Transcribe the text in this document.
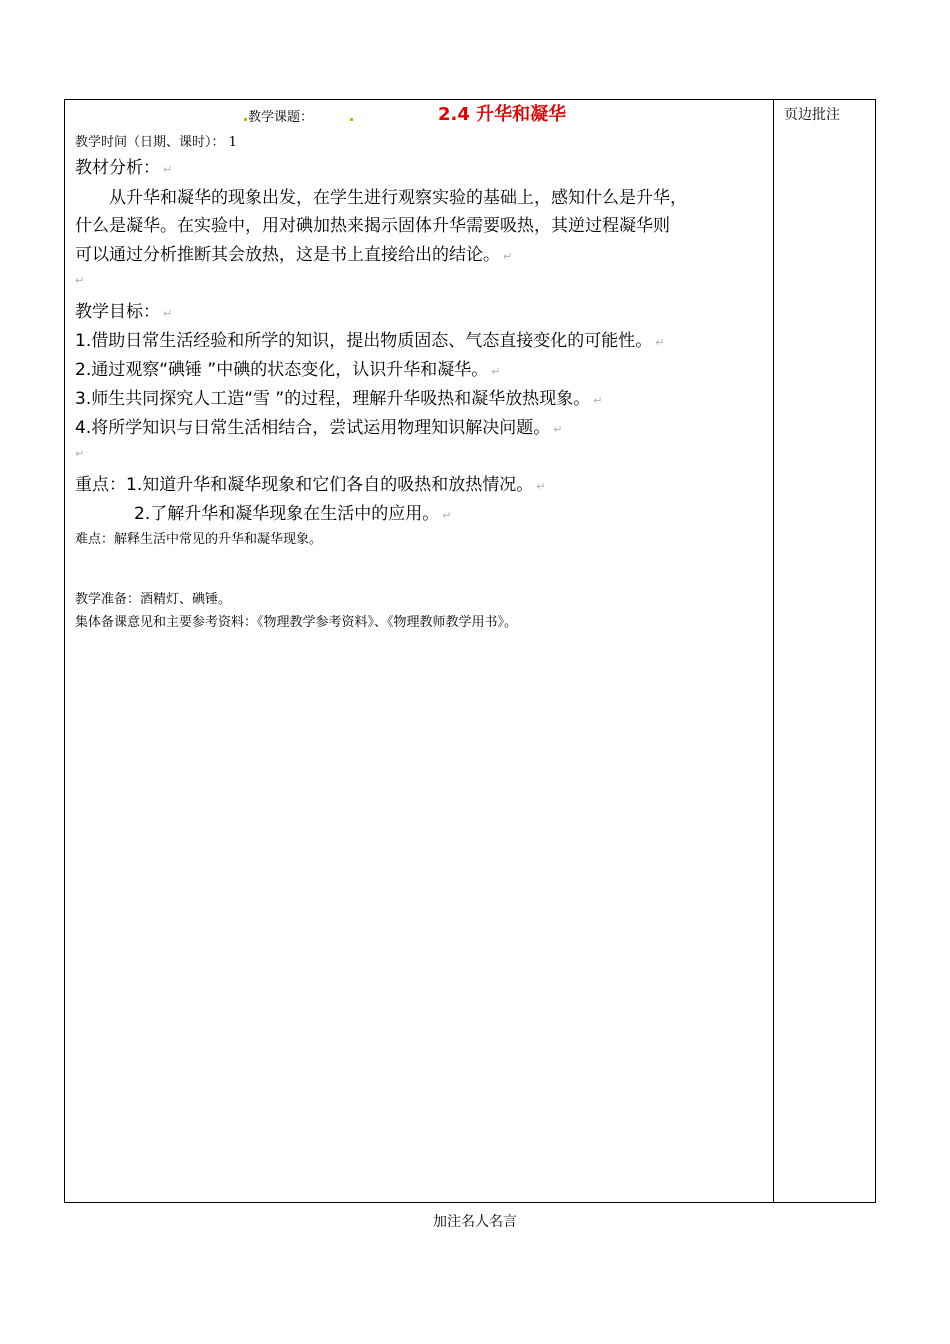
教学课题：	2.4 升华和凝华
教学时间（日期、课时）： 1
教材分析： ↵
从升华和凝华的现象出发，在学生进行观察实验的基础上，感知什么是升华，
什么是凝华。在实验中，用对碘加热来揭示固体升华需要吸热，其逆过程凝华则
可以通过分析推断其会放热，这是书上直接给出的结论。 ↵
↵
教学目标： ↵
1.借助日常生活经验和所学的知识，提出物质固态、气态直接变化的可能性。 ↵
2.通过观察“碘锤 ”中碘的状态变化，认识升华和凝华。 ↵
3.师生共同探究人工造“雪 ”的过程，理解升华吸热和凝华放热现象。 ↵
4.将所学知识与日常生活相结合，尝试运用物理知识解决问题。 ↵
↵
重点：1.知道升华和凝华现象和它们各自的吸热和放热情况。 ↵
2.了解升华和凝华现象在生活中的应用。 ↵
难点：解释生活中常见的升华和凝华现象。
教学准备：酒精灯、碘锤。
集体备课意见和主要参考资料：《物理教学参考资料》、《物理教师教学用书》。
页边批注
加注名人名言
